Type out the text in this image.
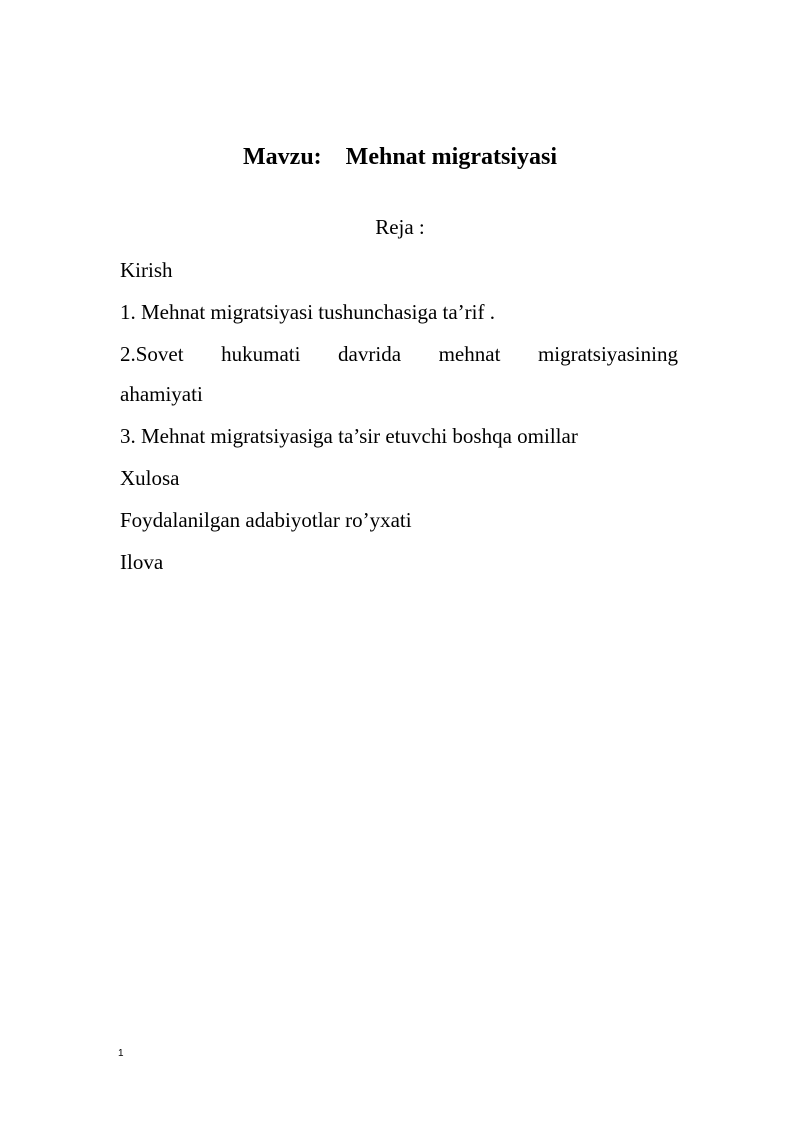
Mavzu: Mehnat migratsiyasi
Reja :
Kirish
1. Mehnat migratsiyasi tushunchasiga ta’rif .
2.Sovet hukumati davrida mehnat migratsiyasining
ahamiyati
3. Mehnat migratsiyasiga ta’sir etuvchi boshqa omillar
Xulosa
Foydalanilgan adabiyotlar ro’yxati
Ilova
1
